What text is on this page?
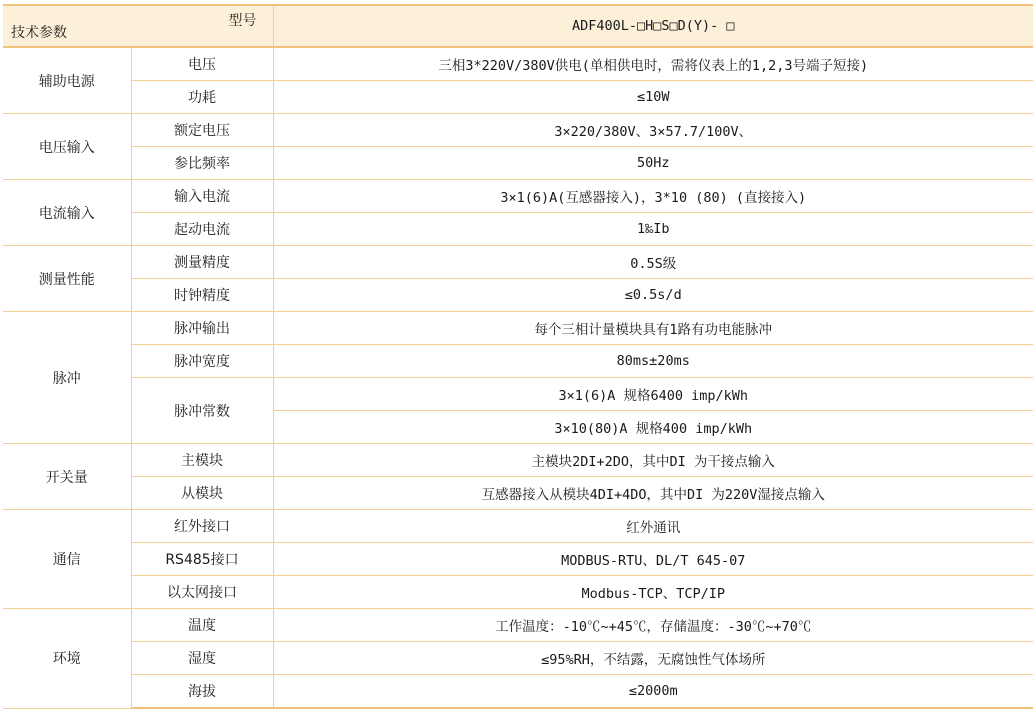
型号
技术参数		ADF400L-□H□S□D(Y)- □
辅助电源	电压	三相3*220V/380V供电(单相供电时，需将仪表上的1,2,3号端子短接)
	功耗	≤10W
电压输入	额定电压	3×220/380V、3×57.7/100V、
	参比频率	50Hz
电流输入	输入电流	3×1(6)A(互感器接入)，3*10 (80) (直接接入)
	起动电流	1‰Ib
测量性能	测量精度	0.5S级
	时钟精度	≤0.5s/d
脉冲	脉冲输出	每个三相计量模块具有1路有功电能脉冲
	脉冲宽度	80ms±20ms
	脉冲常数	3×1(6)A 规格6400 imp/kWh
		3×10(80)A 规格400 imp/kWh
开关量	主模块	主模块2DI+2DO，其中DI 为干接点输入
	从模块	互感器接入从模块4DI+4DO，其中DI 为220V湿接点输入
通信	红外接口	红外通讯
	RS485接口	MODBUS-RTU、DL/T 645-07
	以太网接口	Modbus-TCP、TCP/IP
环境	温度	工作温度：-10℃~+45℃，存储温度：-30℃~+70℃
	湿度	≤95%RH，不结露，无腐蚀性气体场所
	海拔	≤2000m
